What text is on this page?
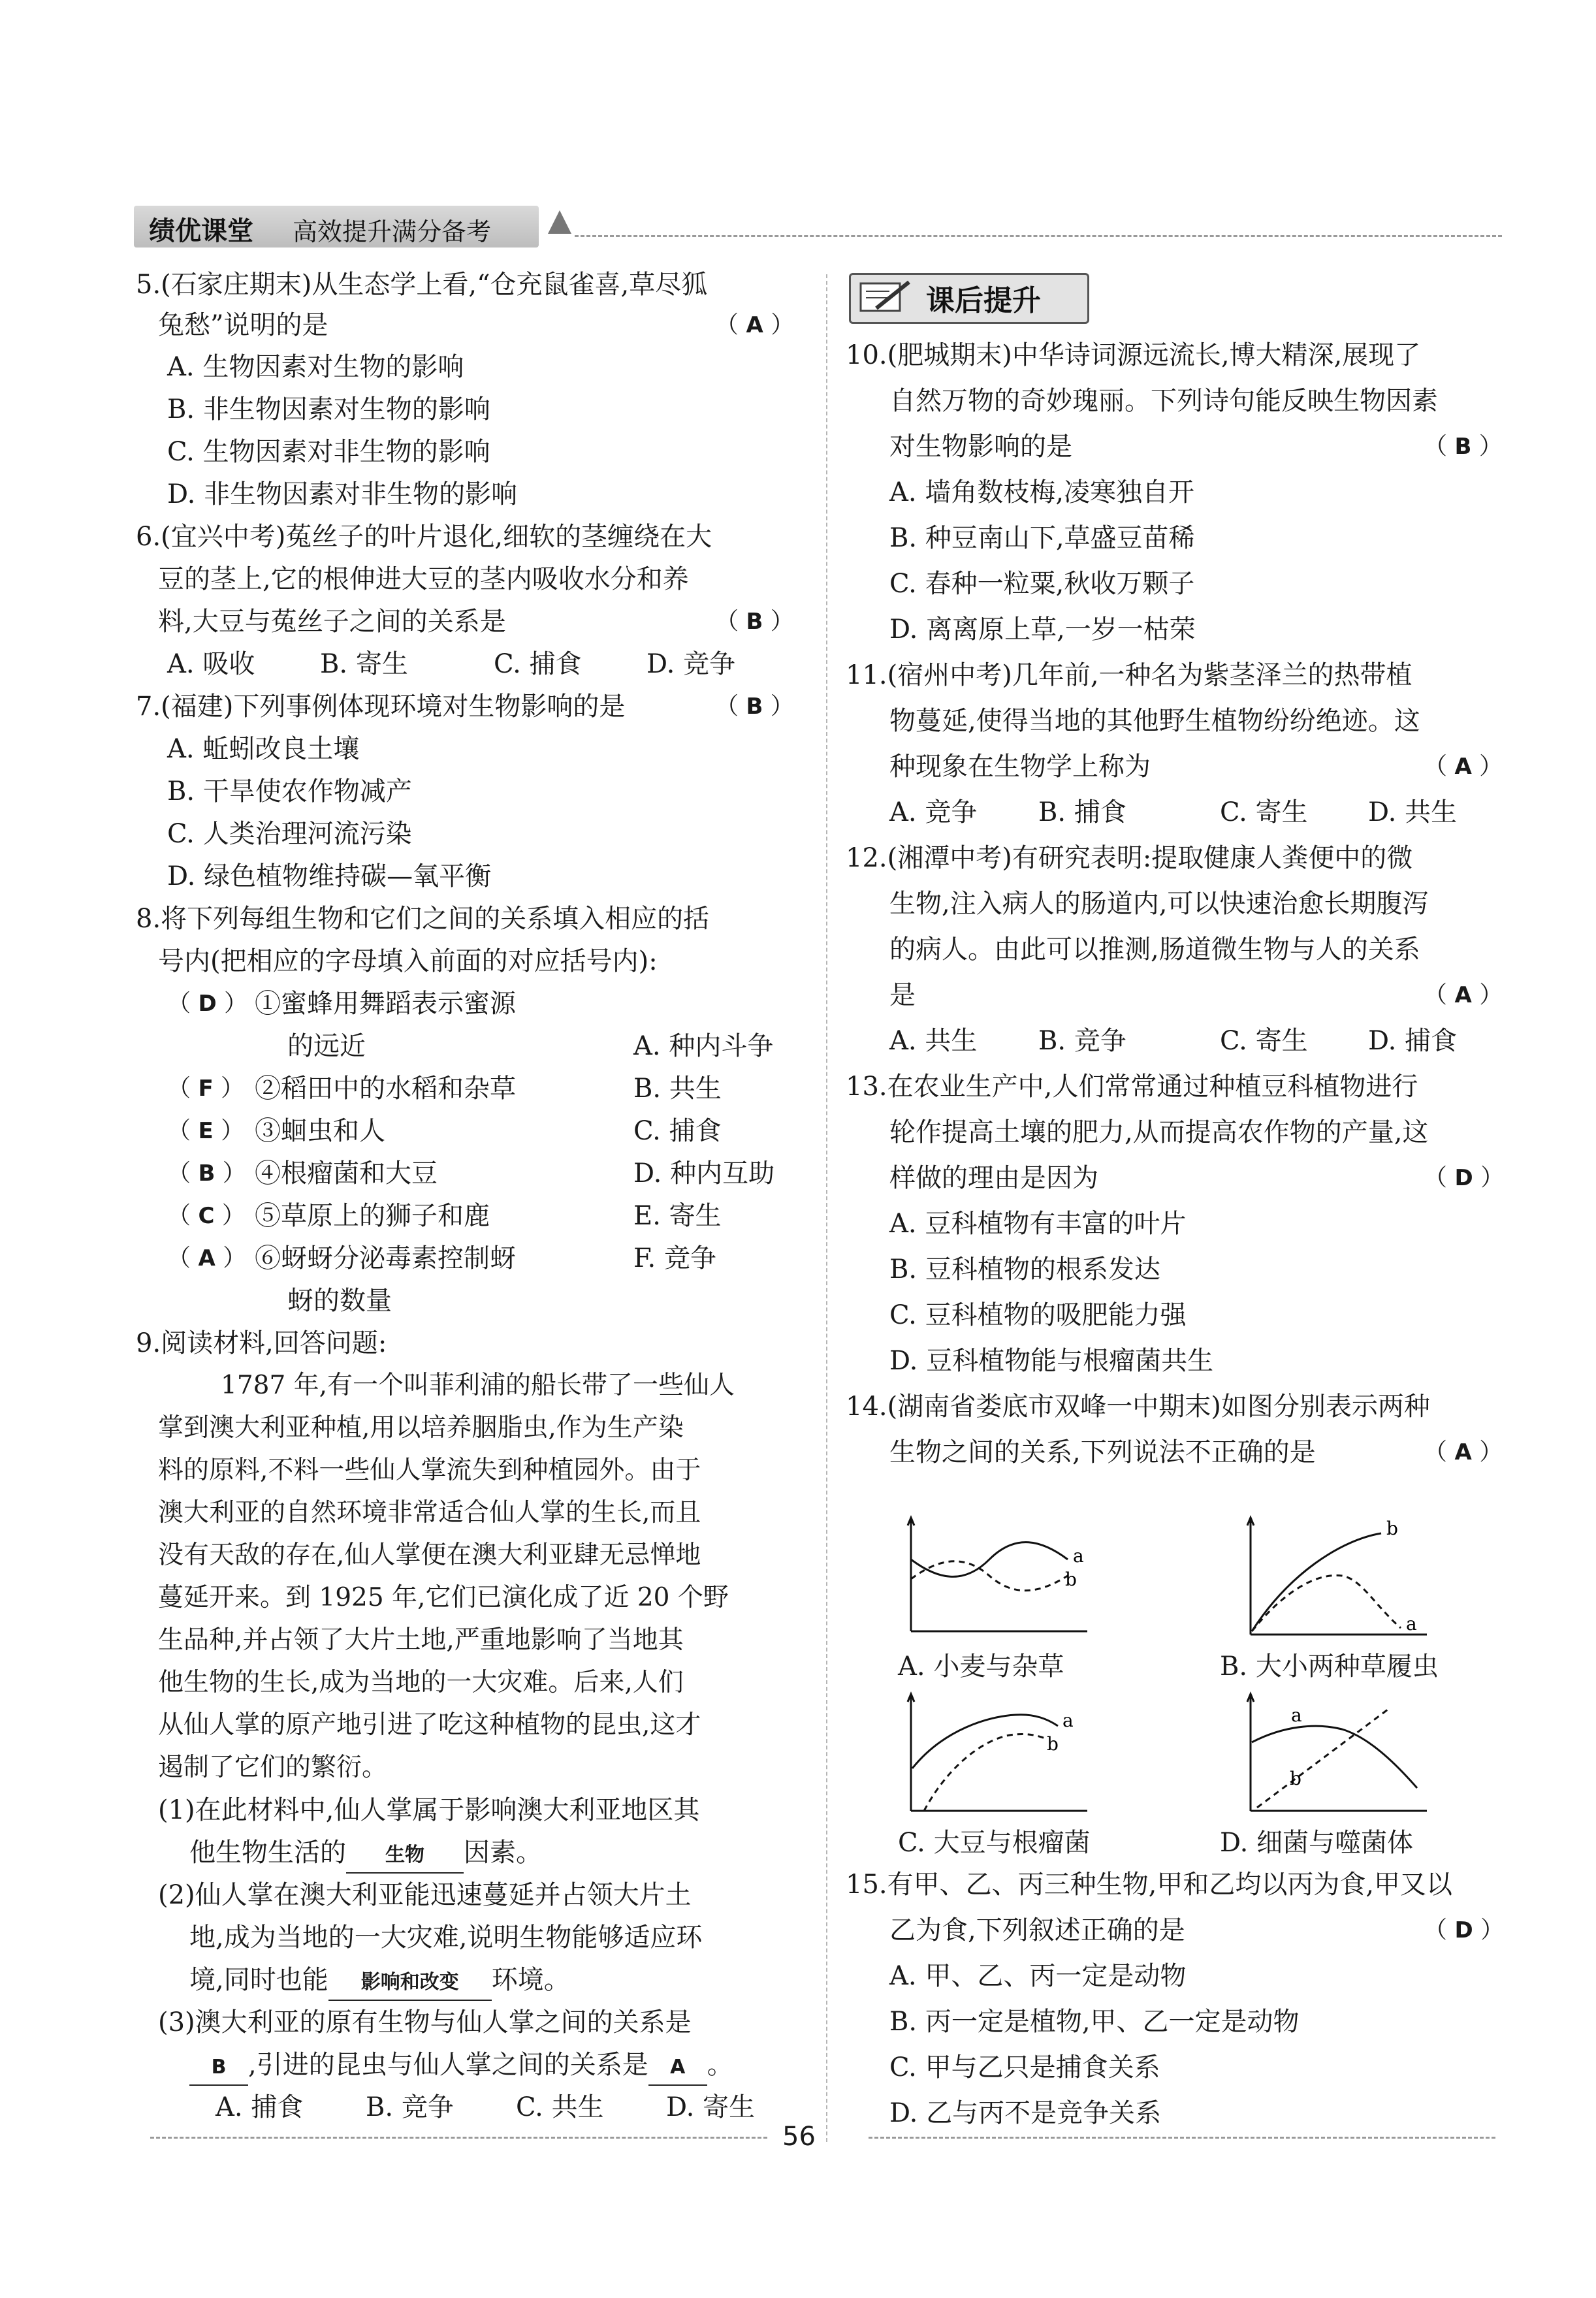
绩优课堂 高效提升满分备考
5.(石家庄期末)从生态学上看,“仓充鼠雀喜,草尽狐
兔愁”说明的是	（ A ）
A. 生物因素对生物的影响
B. 非生物因素对生物的影响
C. 生物因素对非生物的影响
D. 非生物因素对非生物的影响
6.(宜兴中考)菟丝子的叶片退化,细软的茎缠绕在大
豆的茎上,它的根伸进大豆的茎内吸收水分和养
料,大豆与菟丝子之间的关系是	（ B ）
A. 吸收 B. 寄生	C. 捕食 D. 竞争
7.(福建)下列事例体现环境对生物影响的是	（ B ）
A. 蚯蚓改良土壤
B. 干旱使农作物减产
C. 人类治理河流污染
D. 绿色植物维持碳—氧平衡
8.将下列每组生物和它们之间的关系填入相应的括
号内(把相应的字母填入前面的对应括号内):
（ D ） ①蜜蜂用舞蹈表示蜜源
的远近	A. 种内斗争
（ F ） ②稻田中的水稻和杂草	B. 共生
（ E ） ③蛔虫和人	C. 捕食
（ B ） ④根瘤菌和大豆	D. 种内互助
（ C ） ⑤草原上的狮子和鹿	E. 寄生
（ A ） ⑥蚜蚜分泌毒素控制蚜	F. 竞争
蚜的数量
9.阅读材料,回答问题:
1787 年,有一个叫菲利浦的船长带了一些仙人
掌到澳大利亚种植,用以培养胭脂虫,作为生产染
料的原料,不料一些仙人掌流失到种植园外。由于
澳大利亚的自然环境非常适合仙人掌的生长,而且
没有天敌的存在,仙人掌便在澳大利亚肆无忌惮地
蔓延开来。到 1925 年,它们已演化成了近 20 个野
生品种,并占领了大片土地,严重地影响了当地其
他生物的生长,成为当地的一大灾难。后来,人们
从仙人掌的原产地引进了吃这种植物的昆虫,这才
遏制了它们的繁衍。
(1)在此材料中,仙人掌属于影响澳大利亚地区其
他生物生活的 生物 因素。
(2)仙人掌在澳大利亚能迅速蔓延并占领大片土
地,成为当地的一大灾难,说明生物能够适应环
境,同时也能 影响和改变 环境。
(3)澳大利亚的原有生物与仙人掌之间的关系是
B ,引进的昆虫与仙人掌之间的关系是 A 。
A. 捕食 B. 竞争 C. 共生 D. 寄生
课后提升
10.(肥城期末)中华诗词源远流长,博大精深,展现了
自然万物的奇妙瑰丽。下列诗句能反映生物因素
对生物影响的是	（ B ）
A. 墙角数枝梅,凌寒独自开
B. 种豆南山下,草盛豆苗稀
C. 春种一粒粟,秋收万颗子
D. 离离原上草,一岁一枯荣
11.(宿州中考)几年前,一种名为紫茎泽兰的热带植
物蔓延,使得当地的其他野生植物纷纷绝迹。这
种现象在生物学上称为	（ A ）
A. 竞争 B. 捕食	C. 寄生 D. 共生
12.(湘潭中考)有研究表明:提取健康人粪便中的微
生物,注入病人的肠道内,可以快速治愈长期腹泻
的病人。由此可以推测,肠道微生物与人的关系
是	（ A ）
A. 共生 B. 竞争	C. 寄生 D. 捕食
13.在农业生产中,人们常常通过种植豆科植物进行
轮作提高土壤的肥力,从而提高农作物的产量,这
样做的理由是因为	（ D ）
A. 豆科植物有丰富的叶片
B. 豆科植物的根系发达
C. 豆科植物的吸肥能力强
D. 豆科植物能与根瘤菌共生
14.(湖南省娄底市双峰一中期末)如图分别表示两种
生物之间的关系,下列说法不正确的是	（ A ）
a
b
A. 小麦与杂草
b
a
B. 大小两种草履虫
a
b
C. 大豆与根瘤菌
a
b
D. 细菌与噬菌体
15.有甲、乙、丙三种生物,甲和乙均以丙为食,甲又以
乙为食,下列叙述正确的是	（ D ）
A. 甲、乙、丙一定是动物
B. 丙一定是植物,甲、乙一定是动物
C. 甲与乙只是捕食关系
D. 乙与丙不是竞争关系
56
